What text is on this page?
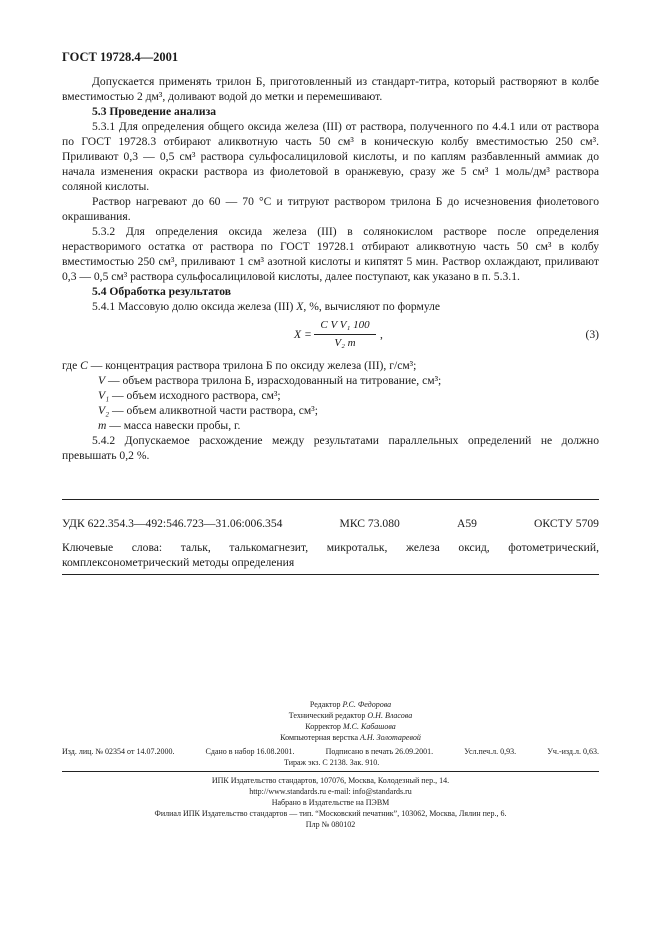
ГОСТ 19728.4—2001

Допускается применять трилон Б, приготовленный из стандарт-титра, который растворяют в колбе вместимостью 2 дм³, доливают водой до метки и перемешивают.

5.3 Проведение анализа

5.3.1 Для определения общего оксида железа (III) от раствора, полученного по 4.4.1 или от раствора по ГОСТ 19728.3 отбирают аликвотную часть 50 см³ в коническую колбу вместимостью 250 см³. Приливают 0,3 — 0,5 см³ раствора сульфосалициловой кислоты, и по каплям разбавленный аммиак до начала изменения окраски раствора из фиолетовой в оранжевую, сразу же 5 см³ 1 моль/дм³ раствора соляной кислоты.

Раствор нагревают до 60 — 70 °С и титруют раствором трилона Б до исчезновения фиолетового окрашивания.

5.3.2 Для определения оксида железа (III) в солянокислом растворе после определения нерастворимого остатка от раствора по ГОСТ 19728.1 отбирают аликвотную часть 50 см³ в колбу вместимостью 250 см³, приливают 1 см³ азотной кислоты и кипятят 5 мин. Раствор охлаждают, приливают 0,3 — 0,5 см³ раствора сульфосалициловой кислоты, далее поступают, как указано в п. 5.3.1.

5.4 Обработка результатов

5.4.1 Массовую долю оксида железа (III) X, %, вычисляют по формуле

$X = \frac{\text{C V V₁ 100}}{\text{V₂ m}}$ ,	(3)

где C — концентрация раствора трилона Б по оксиду железа (III), г/см³;

V — объем раствора трилона Б, израсходованный на титрование, см³;

V₁ — объем исходного раствора, см³;

V₂ — объем аликвотной части раствора, см³;

m — масса навески пробы, г.

5.4.2 Допускаемое расхождение между результатами параллельных определений не должно превышать 0,2 %.

УДК 622.354.3—492:546.723—31.06:006.354	МКС 73.080	А59	ОКСТУ 5709
Ключевые слова: тальк, талькомагнезит, микротальк, железа оксид, фотометрический, комплексонометрический методы определения
Редактор Р.С. Федорова
Технический редактор О.Н. Власова
Корректор М.С. Кабашова
Компьютерная верстка А.Н. Золотаревой
Изд. лиц. № 02354 от 14.07.2000.	Сдано в набор 16.08.2001.	Подписано в печать 26.09.2001.	Усл.печ.л. 0,93.	Уч.-изд.л. 0,63.
Тираж экз. С 2138. Зак. 910.
ИПК Издательство стандартов, 107076, Москва, Колодезный пер., 14.
http://www.standards.ru e-mail: info@standards.ru
Набрано в Издательстве на ПЭВМ
Филиал ИПК Издательство стандартов — тип. “Московский печатник”, 103062, Москва, Лялин пер., 6.
Плр № 080102
